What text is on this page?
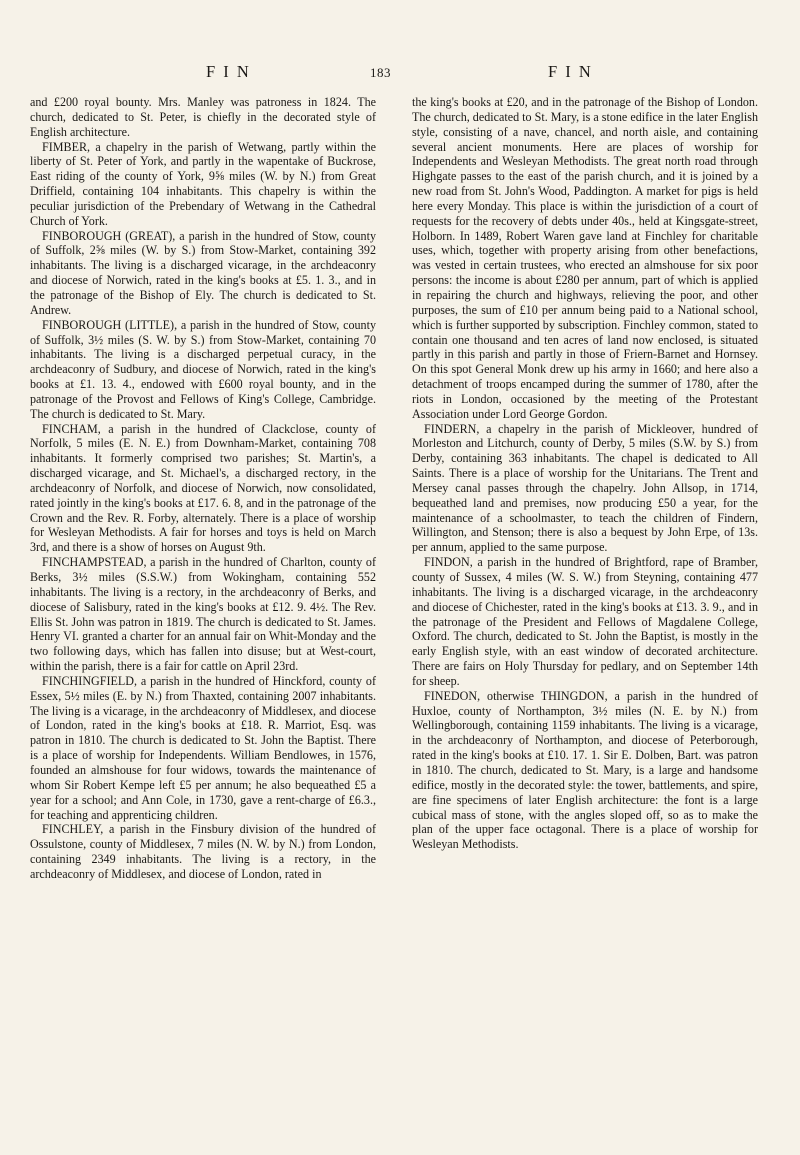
F I N	183	F I N

and £200 royal bounty. Mrs. Manley was patroness in 1824. The church, dedicated to St. Peter, is chiefly in the decorated style of English architecture.

FIMBER, a chapelry in the parish of Wetwang, partly within the liberty of St. Peter of York, and partly in the wapentake of Buckrose, East riding of the county of York, 9⅝ miles (W. by N.) from Great Driffield, containing 104 inhabitants. This chapelry is within the peculiar jurisdiction of the Prebendary of Wetwang in the Cathedral Church of York.

FINBOROUGH (GREAT), a parish in the hundred of Stow, county of Suffolk, 2⅝ miles (W. by S.) from Stow-Market, containing 392 inhabitants. The living is a discharged vicarage, in the archdeaconry and diocese of Norwich, rated in the king's books at £5. 1. 3., and in the patronage of the Bishop of Ely. The church is dedicated to St. Andrew.

FINBOROUGH (LITTLE), a parish in the hundred of Stow, county of Suffolk, 3½ miles (S. W. by S.) from Stow-Market, containing 70 inhabitants. The living is a discharged perpetual curacy, in the archdeaconry of Sudbury, and diocese of Norwich, rated in the king's books at £1. 13. 4., endowed with £600 royal bounty, and in the patronage of the Provost and Fellows of King's College, Cambridge. The church is dedicated to St. Mary.

FINCHAM, a parish in the hundred of Clackclose, county of Norfolk, 5 miles (E. N. E.) from Downham-Market, containing 708 inhabitants. It formerly comprised two parishes; St. Martin's, a discharged vicarage, and St. Michael's, a discharged rectory, in the archdeaconry of Norfolk, and diocese of Norwich, now consolidated, rated jointly in the king's books at £17. 6. 8, and in the patronage of the Crown and the Rev. R. Forby, alternately. There is a place of worship for Wesleyan Methodists. A fair for horses and toys is held on March 3rd, and there is a show of horses on August 9th.

FINCHAMPSTEAD, a parish in the hundred of Charlton, county of Berks, 3½ miles (S.S.W.) from Wokingham, containing 552 inhabitants. The living is a rectory, in the archdeaconry of Berks, and diocese of Salisbury, rated in the king's books at £12. 9. 4½. The Rev. Ellis St. John was patron in 1819. The church is dedicated to St. James. Henry VI. granted a charter for an annual fair on Whit-Monday and the two following days, which has fallen into disuse; but at West-court, within the parish, there is a fair for cattle on April 23rd.

FINCHINGFIELD, a parish in the hundred of Hinckford, county of Essex, 5½ miles (E. by N.) from Thaxted, containing 2007 inhabitants. The living is a vicarage, in the archdeaconry of Middlesex, and diocese of London, rated in the king's books at £18. R. Marriot, Esq. was patron in 1810. The church is dedicated to St. John the Baptist. There is a place of worship for Independents. William Bendlowes, in 1576, founded an almshouse for four widows, towards the maintenance of whom Sir Robert Kempe left £5 per annum; he also bequeathed £5 a year for a school; and Ann Cole, in 1730, gave a rent-charge of £6.3., for teaching and apprenticing children.

FINCHLEY, a parish in the Finsbury division of the hundred of Ossulstone, county of Middlesex, 7 miles (N. W. by N.) from London, containing 2349 inhabitants. The living is a rectory, in the archdeaconry of Middlesex, and diocese of London, rated in

the king's books at £20, and in the patronage of the Bishop of London. The church, dedicated to St. Mary, is a stone edifice in the later English style, consisting of a nave, chancel, and north aisle, and containing several ancient monuments. Here are places of worship for Independents and Wesleyan Methodists. The great north road through Highgate passes to the east of the parish church, and it is joined by a new road from St. John's Wood, Paddington. A market for pigs is held here every Monday. This place is within the jurisdiction of a court of requests for the recovery of debts under 40s., held at Kingsgate-street, Holborn. In 1489, Robert Waren gave land at Finchley for charitable uses, which, together with property arising from other benefactions, was vested in certain trustees, who erected an almshouse for six poor persons: the income is about £280 per annum, part of which is applied in repairing the church and highways, relieving the poor, and other purposes, the sum of £10 per annum being paid to a National school, which is further supported by subscription. Finchley common, stated to contain one thousand and ten acres of land now enclosed, is situated partly in this parish and partly in those of Friern-Barnet and Hornsey. On this spot General Monk drew up his army in 1660; and here also a detachment of troops encamped during the summer of 1780, after the riots in London, occasioned by the meeting of the Protestant Association under Lord George Gordon.

FINDERN, a chapelry in the parish of Mickleover, hundred of Morleston and Litchurch, county of Derby, 5 miles (S.W. by S.) from Derby, containing 363 inhabitants. The chapel is dedicated to All Saints. There is a place of worship for the Unitarians. The Trent and Mersey canal passes through the chapelry. John Allsop, in 1714, bequeathed land and premises, now producing £50 a year, for the maintenance of a schoolmaster, to teach the children of Findern, Willington, and Stenson; there is also a bequest by John Erpe, of 13s. per annum, applied to the same purpose.

FINDON, a parish in the hundred of Brightford, rape of Bramber, county of Sussex, 4 miles (W. S. W.) from Steyning, containing 477 inhabitants. The living is a discharged vicarage, in the archdeaconry and diocese of Chichester, rated in the king's books at £13. 3. 9., and in the patronage of the President and Fellows of Magdalene College, Oxford. The church, dedicated to St. John the Baptist, is mostly in the early English style, with an east window of decorated architecture. There are fairs on Holy Thursday for pedlary, and on September 14th for sheep.

FINEDON, otherwise THINGDON, a parish in the hundred of Huxloe, county of Northampton, 3½ miles (N. E. by N.) from Wellingborough, containing 1159 inhabitants. The living is a vicarage, in the archdeaconry of Northampton, and diocese of Peterborough, rated in the king's books at £10. 17. 1. Sir E. Dolben, Bart. was patron in 1810. The church, dedicated to St. Mary, is a large and handsome edifice, mostly in the decorated style: the tower, battlements, and spire, are fine specimens of later English architecture: the font is a large cubical mass of stone, with the angles sloped off, so as to make the plan of the upper face octagonal. There is a place of worship for Wesleyan Methodists.
